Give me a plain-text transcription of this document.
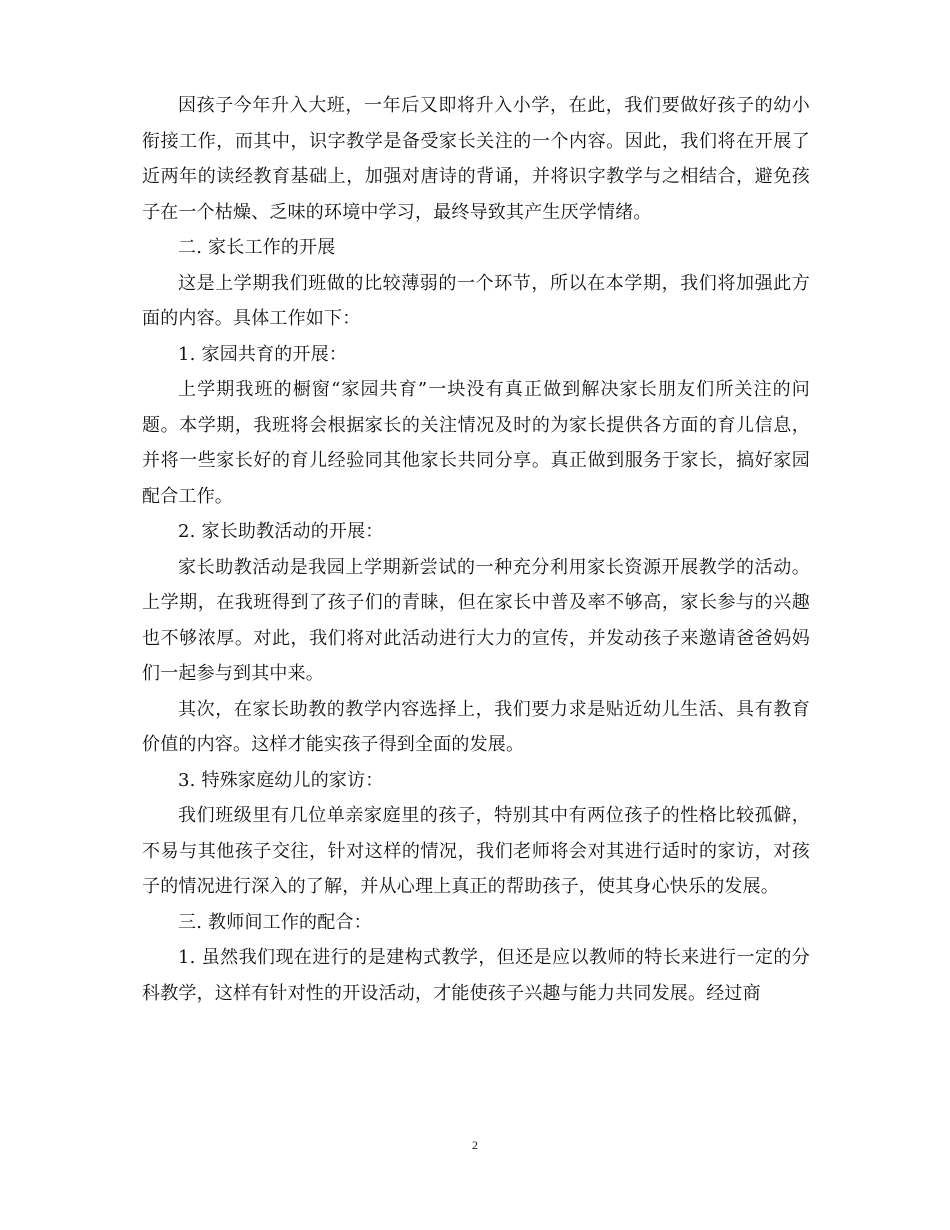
因孩子今年升入大班，一年后又即将升入小学，在此，我们要做好孩子的幼小衔接工作，而其中，识字教学是备受家长关注的一个内容。因此，我们将在开展了近两年的读经教育基础上，加强对唐诗的背诵，并将识字教学与之相结合，避免孩子在一个枯燥、乏味的环境中学习，最终导致其产生厌学情绪。

二. 家长工作的开展

这是上学期我们班做的比较薄弱的一个环节，所以在本学期，我们将加强此方面的内容。具体工作如下：

1. 家园共育的开展：

上学期我班的橱窗“家园共育”一块没有真正做到解决家长朋友们所关注的问题。本学期，我班将会根据家长的关注情况及时的为家长提供各方面的育儿信息，并将一些家长好的育儿经验同其他家长共同分享。真正做到服务于家长，搞好家园配合工作。

2. 家长助教活动的开展：

家长助教活动是我园上学期新尝试的一种充分利用家长资源开展教学的活动。上学期，在我班得到了孩子们的青睐，但在家长中普及率不够高，家长参与的兴趣也不够浓厚。对此，我们将对此活动进行大力的宣传，并发动孩子来邀请爸爸妈妈们一起参与到其中来。

其次，在家长助教的教学内容选择上，我们要力求是贴近幼儿生活、具有教育价值的内容。这样才能实孩子得到全面的发展。

3. 特殊家庭幼儿的家访：

我们班级里有几位单亲家庭里的孩子，特别其中有两位孩子的性格比较孤僻，不易与其他孩子交往，针对这样的情况，我们老师将会对其进行适时的家访，对孩子的情况进行深入的了解，并从心理上真正的帮助孩子，使其身心快乐的发展。

三. 教师间工作的配合：

1. 虽然我们现在进行的是建构式教学，但还是应以教师的特长来进行一定的分科教学，这样有针对性的开设活动，才能使孩子兴趣与能力共同发展。经过商

2
